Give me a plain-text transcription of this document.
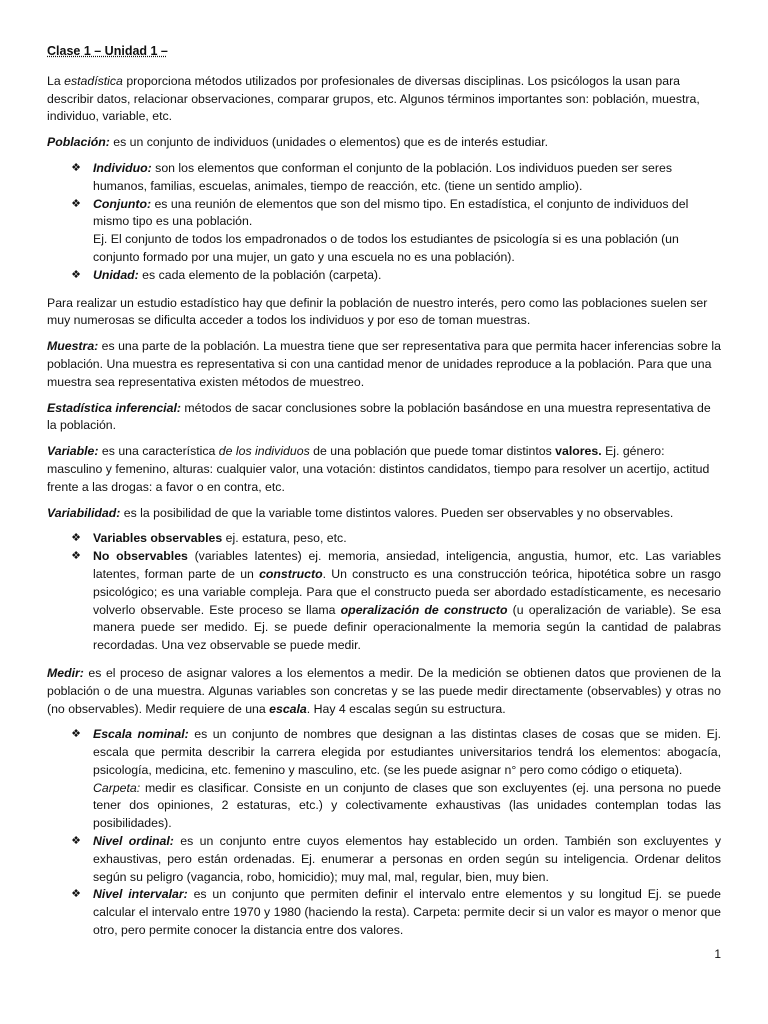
Clase 1 – Unidad 1 –

La estadística proporciona métodos utilizados por profesionales de diversas disciplinas. Los psicólogos la usan para describir datos, relacionar observaciones, comparar grupos, etc. Algunos términos importantes son: población, muestra, individuo, variable, etc.

Población: es un conjunto de individuos (unidades o elementos) que es de interés estudiar.

❖ Individuo: son los elementos que conforman el conjunto de la población. Los individuos pueden ser seres humanos, familias, escuelas, animales, tiempo de reacción, etc. (tiene un sentido amplio).
❖ Conjunto: es una reunión de elementos que son del mismo tipo. En estadística, el conjunto de individuos del mismo tipo es una población.
Ej. El conjunto de todos los empadronados o de todos los estudiantes de psicología si es una población (un conjunto formado por una mujer, un gato y una escuela no es una población).
❖ Unidad: es cada elemento de la población (carpeta).

Para realizar un estudio estadístico hay que definir la población de nuestro interés, pero como las poblaciones suelen ser muy numerosas se dificulta acceder a todos los individuos y por eso de toman muestras.

Muestra: es una parte de la población. La muestra tiene que ser representativa para que permita hacer inferencias sobre la población. Una muestra es representativa si con una cantidad menor de unidades reproduce a la población. Para que una muestra sea representativa existen métodos de muestreo.

Estadística inferencial: métodos de sacar conclusiones sobre la población basándose en una muestra representativa de la población.

Variable: es una característica de los individuos de una población que puede tomar distintos valores. Ej. género: masculino y femenino, alturas: cualquier valor, una votación: distintos candidatos, tiempo para resolver un acertijo, actitud frente a las drogas: a favor o en contra, etc.

Variabilidad: es la posibilidad de que la variable tome distintos valores. Pueden ser observables y no observables.

❖ Variables observables ej. estatura, peso, etc.
❖ No observables (variables latentes) ej. memoria, ansiedad, inteligencia, angustia, humor, etc. Las variables latentes, forman parte de un constructo. Un constructo es una construcción teórica, hipotética sobre un rasgo psicológico; es una variable compleja. Para que el constructo pueda ser abordado estadísticamente, es necesario volverlo observable. Este proceso se llama operalización de constructo (u operalización de variable). Se esa manera puede ser medido. Ej. se puede definir operacionalmente la memoria según la cantidad de palabras recordadas. Una vez observable se puede medir.

Medir: es el proceso de asignar valores a los elementos a medir. De la medición se obtienen datos que provienen de la población o de una muestra. Algunas variables son concretas y se las puede medir directamente (observables) y otras no (no observables). Medir requiere de una escala. Hay 4 escalas según su estructura.

❖ Escala nominal: es un conjunto de nombres que designan a las distintas clases de cosas que se miden. Ej. escala que permita describir la carrera elegida por estudiantes universitarios tendrá los elementos: abogacía, psicología, medicina, etc. femenino y masculino, etc. (se les puede asignar n° pero como código o etiqueta).
Carpeta: medir es clasificar. Consiste en un conjunto de clases que son excluyentes (ej. una persona no puede tener dos opiniones, 2 estaturas, etc.) y colectivamente exhaustivas (las unidades contemplan todas las posibilidades).
❖ Nivel ordinal: es un conjunto entre cuyos elementos hay establecido un orden. También son excluyentes y exhaustivas, pero están ordenadas. Ej. enumerar a personas en orden según su inteligencia. Ordenar delitos según su peligro (vagancia, robo, homicidio); muy mal, mal, regular, bien, muy bien.
❖ Nivel intervalar: es un conjunto que permiten definir el intervalo entre elementos y su longitud Ej. se puede calcular el intervalo entre 1970 y 1980 (haciendo la resta). Carpeta: permite decir si un valor es mayor o menor que otro, pero permite conocer la distancia entre dos valores.
1
